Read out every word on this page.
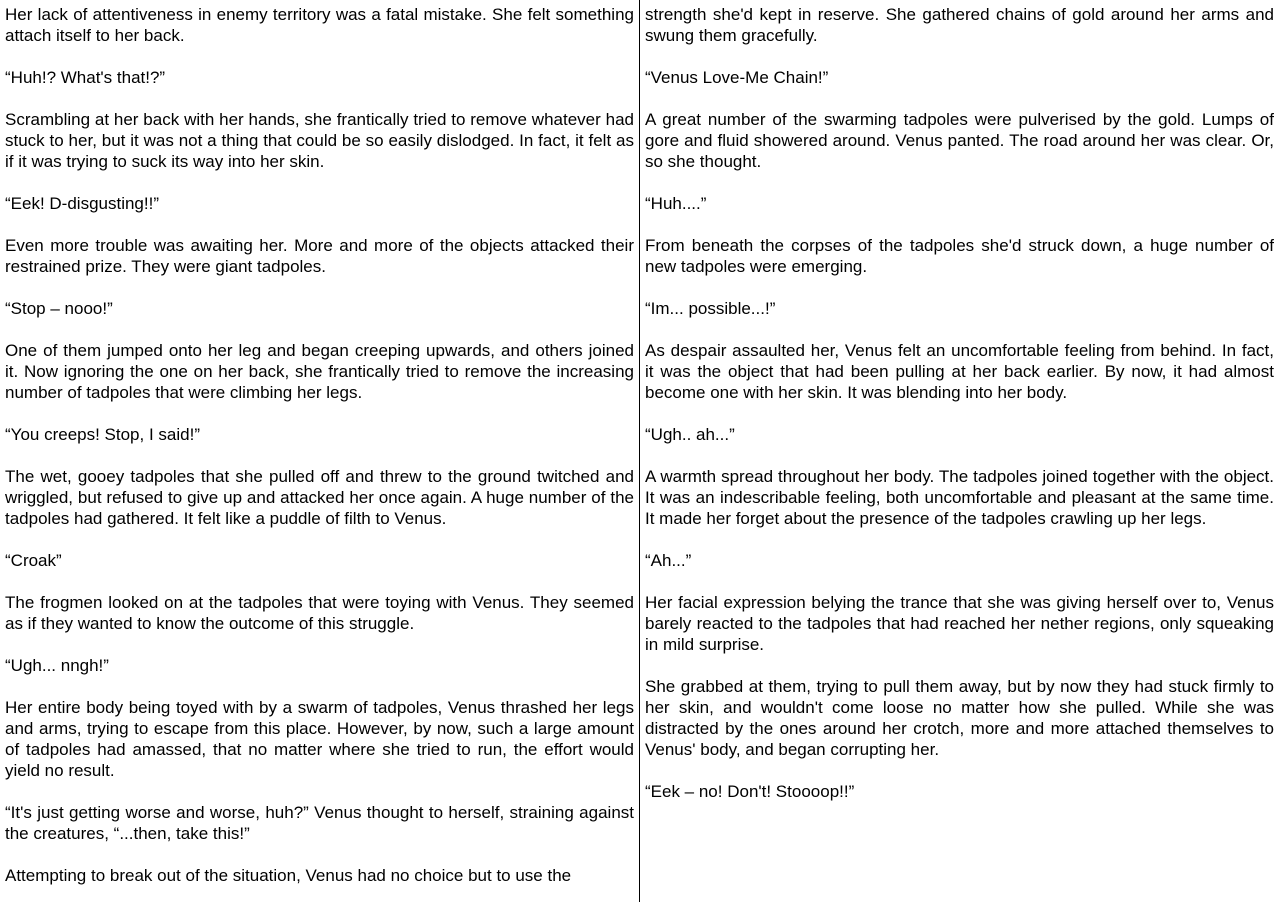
Her lack of attentiveness in enemy territory was a fatal mistake. She felt something attach itself to her back.

“Huh!? What's that!?”

Scrambling at her back with her hands, she frantically tried to remove whatever had stuck to her, but it was not a thing that could be so easily dislodged. In fact, it felt as if it was trying to suck its way into her skin.

“Eek! D-disgusting!!”

Even more trouble was awaiting her. More and more of the objects attacked their restrained prize. They were giant tadpoles.

“Stop – nooo!”

One of them jumped onto her leg and began creeping upwards, and others joined it. Now ignoring the one on her back, she frantically tried to remove the increasing number of tadpoles that were climbing her legs.

“You creeps! Stop, I said!”

The wet, gooey tadpoles that she pulled off and threw to the ground twitched and wriggled, but refused to give up and attacked her once again. A huge number of the tadpoles had gathered. It felt like a puddle of filth to Venus.

“Croak”

The frogmen looked on at the tadpoles that were toying with Venus. They seemed as if they wanted to know the outcome of this struggle.

“Ugh... nngh!”

Her entire body being toyed with by a swarm of tadpoles, Venus thrashed her legs and arms, trying to escape from this place. However, by now, such a large amount of tadpoles had amassed, that no matter where she tried to run, the effort would yield no result.

“It's just getting worse and worse, huh?” Venus thought to herself, straining against the creatures, “...then, take this!”

Attempting to break out of the situation, Venus had no choice but to use the

strength she'd kept in reserve. She gathered chains of gold around her arms and swung them gracefully.

“Venus Love-Me Chain!”

A great number of the swarming tadpoles were pulverised by the gold. Lumps of gore and fluid showered around. Venus panted. The road around her was clear. Or, so she thought.

“Huh....”

From beneath the corpses of the tadpoles she'd struck down, a huge number of new tadpoles were emerging.

“Im... possible...!”

As despair assaulted her, Venus felt an uncomfortable feeling from behind. In fact, it was the object that had been pulling at her back earlier. By now, it had almost become one with her skin. It was blending into her body.

“Ugh.. ah...”

A warmth spread throughout her body. The tadpoles joined together with the object. It was an indescribable feeling, both uncomfortable and pleasant at the same time. It made her forget about the presence of the tadpoles crawling up her legs.

“Ah...”

Her facial expression belying the trance that she was giving herself over to, Venus barely reacted to the tadpoles that had reached her nether regions, only squeaking in mild surprise.

She grabbed at them, trying to pull them away, but by now they had stuck firmly to her skin, and wouldn't come loose no matter how she pulled. While she was distracted by the ones around her crotch, more and more attached themselves to Venus' body, and began corrupting her.

“Eek – no! Don't! Stoooop!!”
